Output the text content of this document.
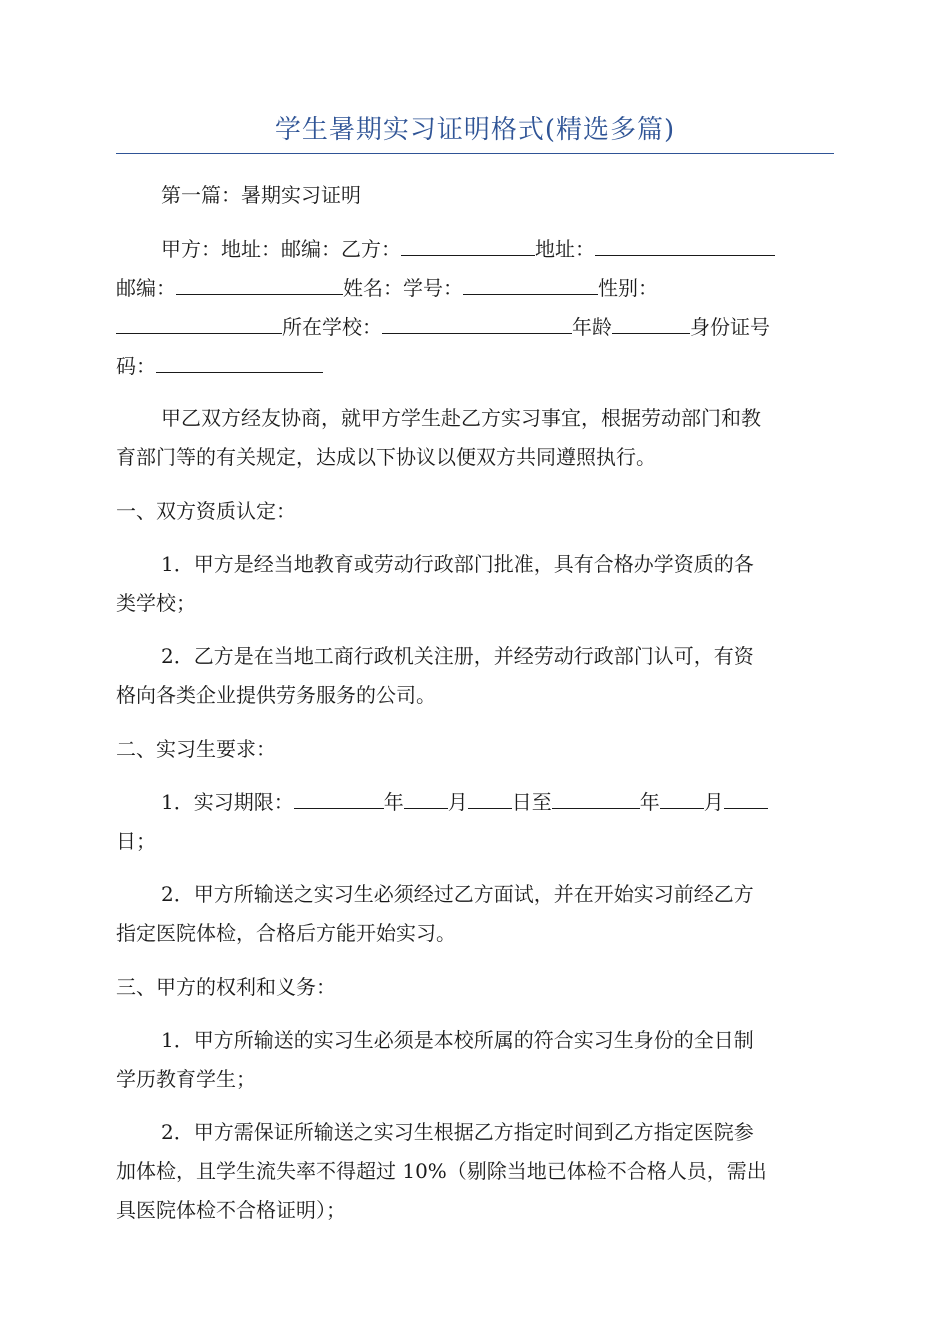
学生暑期实习证明格式(精选多篇)
第一篇：暑期实习证明
甲方：地址：邮编：乙方：	地址：
邮编：	姓名：学号：	性别：
所在学校：	年龄	身份证号
码：
甲乙双方经友协商，就甲方学生赴乙方实习事宜，根据劳动部门和教
育部门等的有关规定，达成以下协议以便双方共同遵照执行。
一、双方资质认定：
1．甲方是经当地教育或劳动行政部门批准，具有合格办学资质的各
类学校；
2．乙方是在当地工商行政机关注册，并经劳动行政部门认可，有资
格向各类企业提供劳务服务的公司。
二、实习生要求：
1．实习期限：	年 月 日至	年 月
日；
2．甲方所输送之实习生必须经过乙方面试，并在开始实习前经乙方
指定医院体检，合格后方能开始实习。
三、甲方的权利和义务：
1．甲方所输送的实习生必须是本校所属的符合实习生身份的全日制
学历教育学生；
2．甲方需保证所输送之实习生根据乙方指定时间到乙方指定医院参
加体检，且学生流失率不得超过 10%（剔除当地已体检不合格人员，需出
具医院体检不合格证明）；
